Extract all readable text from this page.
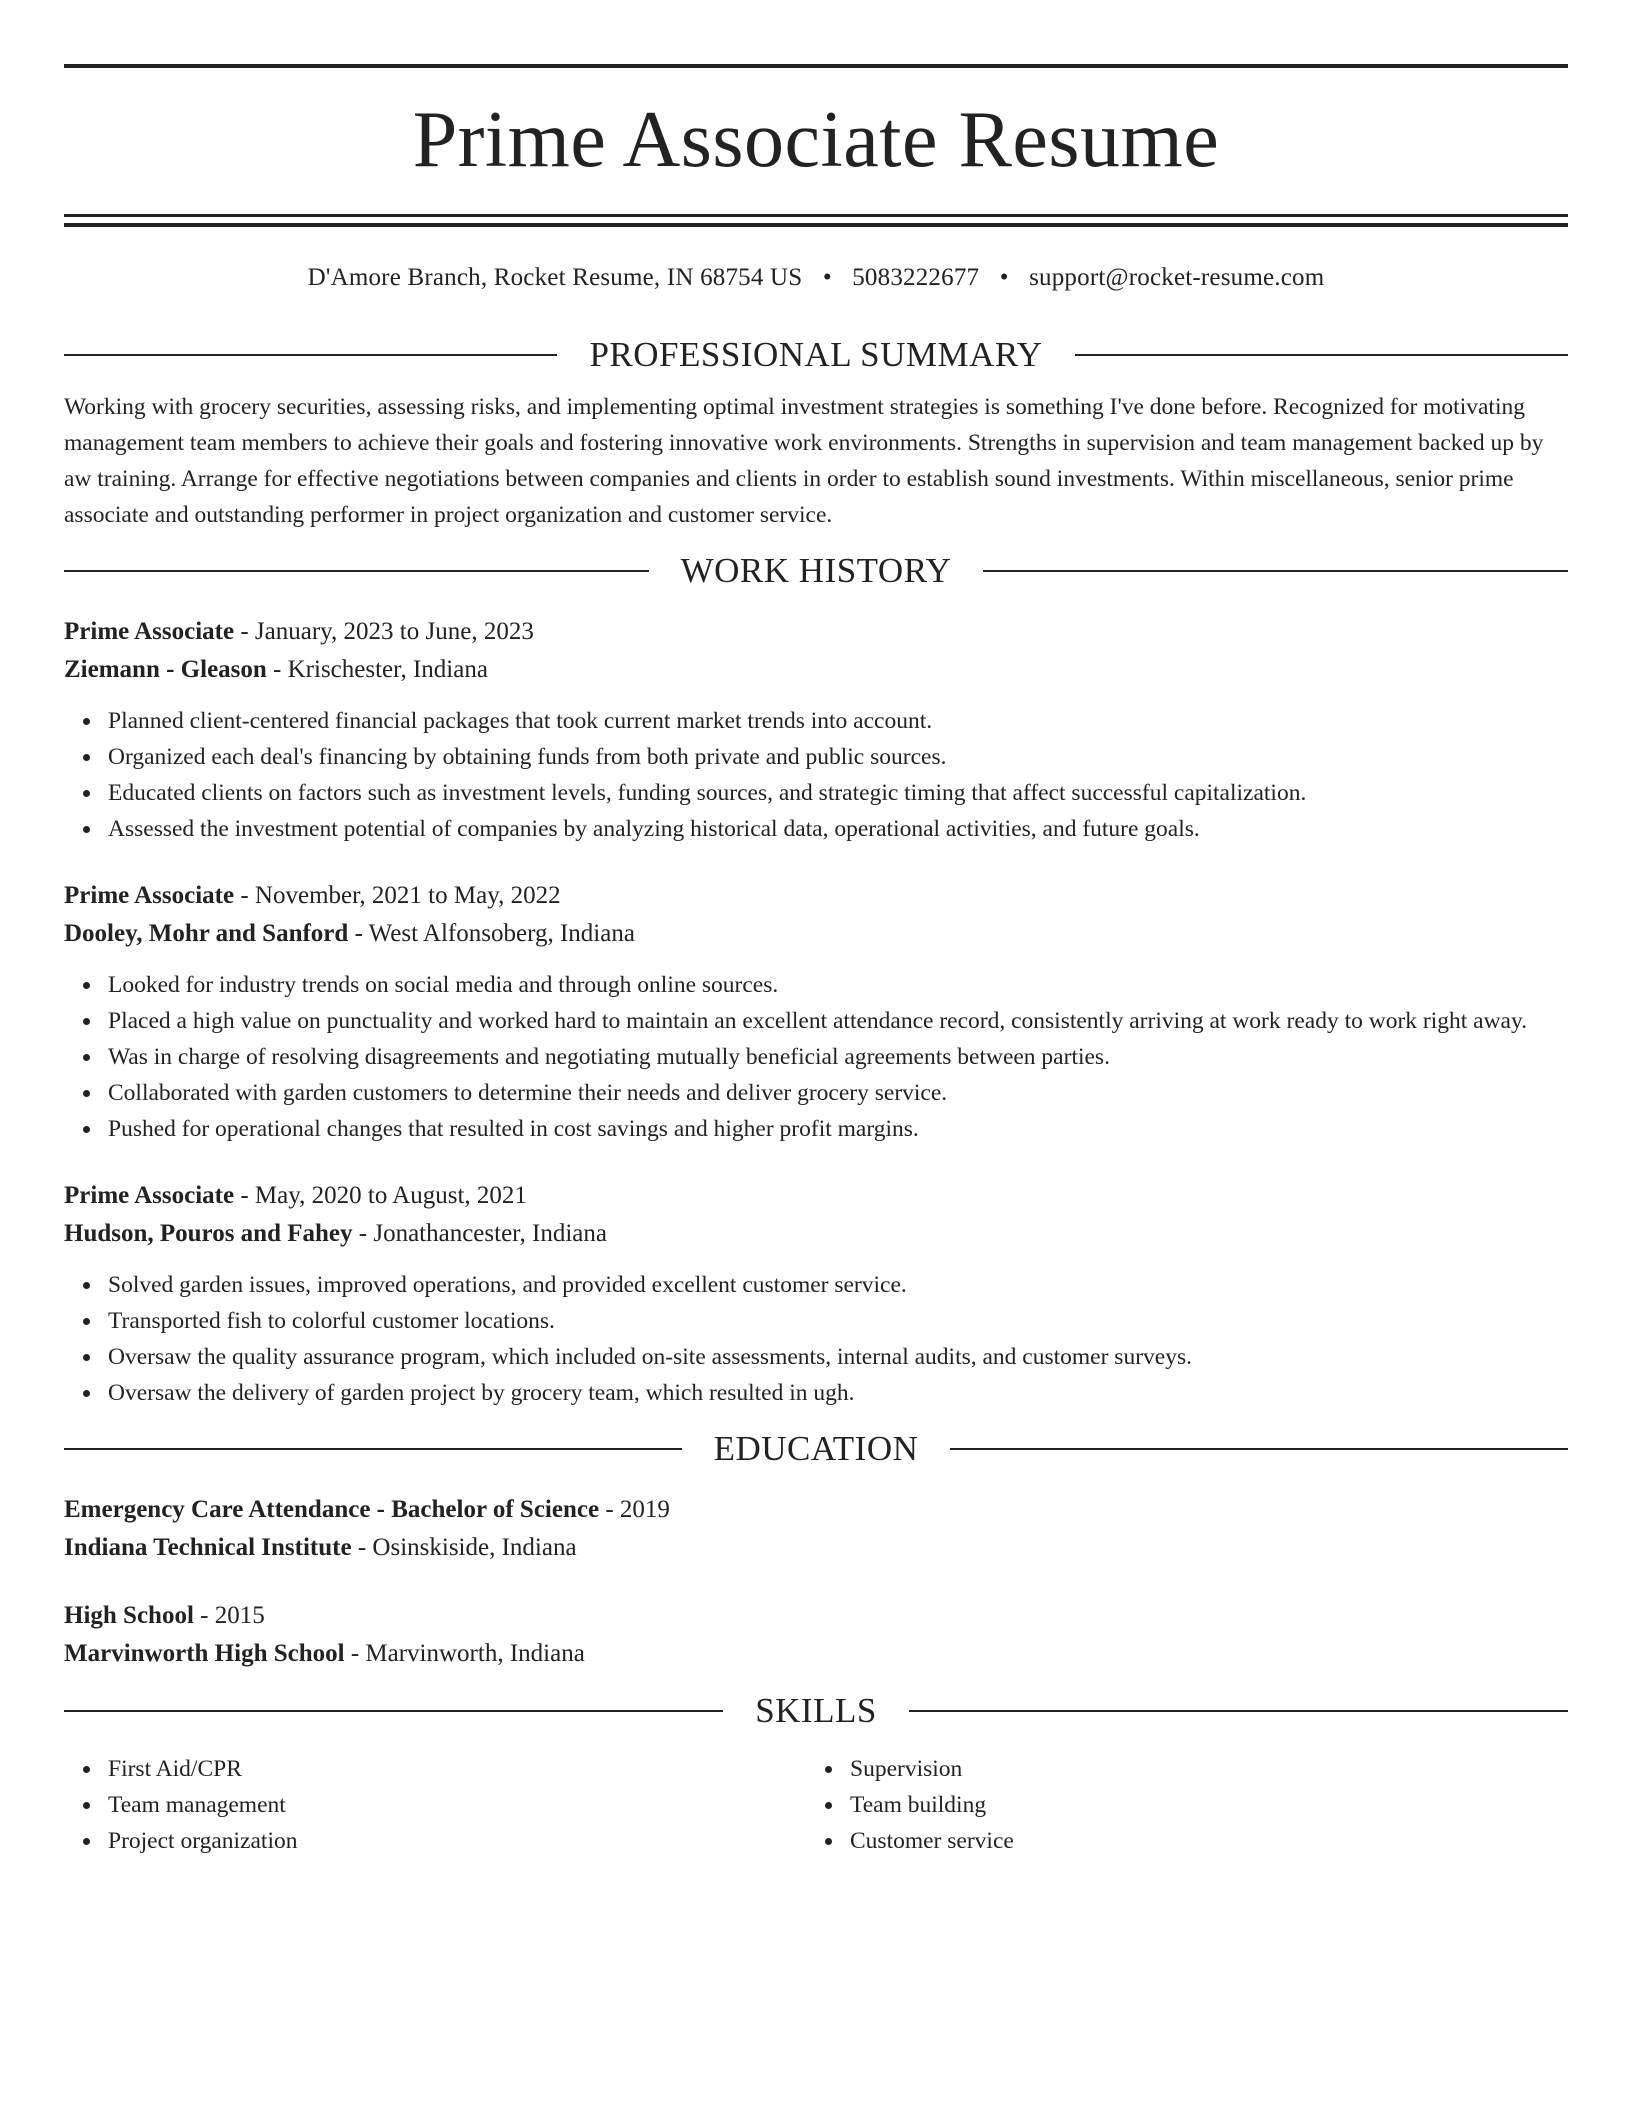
Prime Associate Resume
D'Amore Branch, Rocket Resume, IN 68754 US • 5083222677 • support@rocket-resume.com
PROFESSIONAL SUMMARY
Working with grocery securities, assessing risks, and implementing optimal investment strategies is something I've done before. Recognized for motivating management team members to achieve their goals and fostering innovative work environments. Strengths in supervision and team management backed up by aw training. Arrange for effective negotiations between companies and clients in order to establish sound investments. Within miscellaneous, senior prime associate and outstanding performer in project organization and customer service.
WORK HISTORY
Prime Associate - January, 2023 to June, 2023
Ziemann - Gleason - Krischester, Indiana
Planned client-centered financial packages that took current market trends into account.
Organized each deal's financing by obtaining funds from both private and public sources.
Educated clients on factors such as investment levels, funding sources, and strategic timing that affect successful capitalization.
Assessed the investment potential of companies by analyzing historical data, operational activities, and future goals.
Prime Associate - November, 2021 to May, 2022
Dooley, Mohr and Sanford - West Alfonsoberg, Indiana
Looked for industry trends on social media and through online sources.
Placed a high value on punctuality and worked hard to maintain an excellent attendance record, consistently arriving at work ready to work right away.
Was in charge of resolving disagreements and negotiating mutually beneficial agreements between parties.
Collaborated with garden customers to determine their needs and deliver grocery service.
Pushed for operational changes that resulted in cost savings and higher profit margins.
Prime Associate - May, 2020 to August, 2021
Hudson, Pouros and Fahey - Jonathancester, Indiana
Solved garden issues, improved operations, and provided excellent customer service.
Transported fish to colorful customer locations.
Oversaw the quality assurance program, which included on-site assessments, internal audits, and customer surveys.
Oversaw the delivery of garden project by grocery team, which resulted in ugh.
EDUCATION
Emergency Care Attendance - Bachelor of Science - 2019
Indiana Technical Institute - Osinskiside, Indiana
High School - 2015
Marvinworth High School - Marvinworth, Indiana
SKILLS
First Aid/CPR
Team management
Project organization
Supervision
Team building
Customer service
